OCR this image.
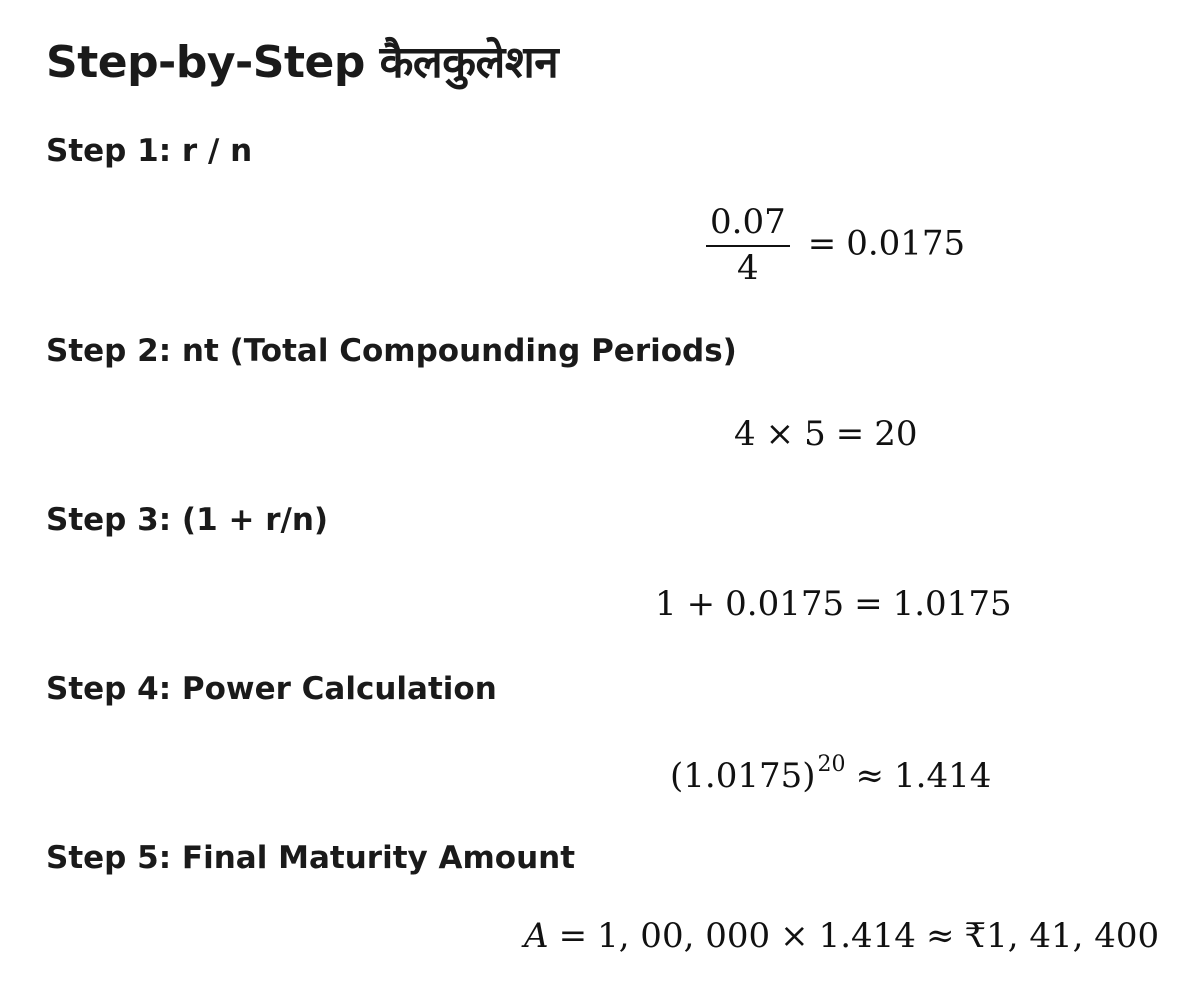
Step-by-Step कैलकुलेशन
Step 1: r / n
$\frac{0.07}{4} = 0.0175$
Step 2: nt (Total Compounding Periods)
4 × 5 = 20
Step 3: (1 + r/n)
1 + 0.0175 = 1.0175
Step 4: Power Calculation
$(1.0175)^{20} \approx 1.414$
Step 5: Final Maturity Amount
A = 1, 00, 000 × 1.414 ≈ ₹1, 41, 400
